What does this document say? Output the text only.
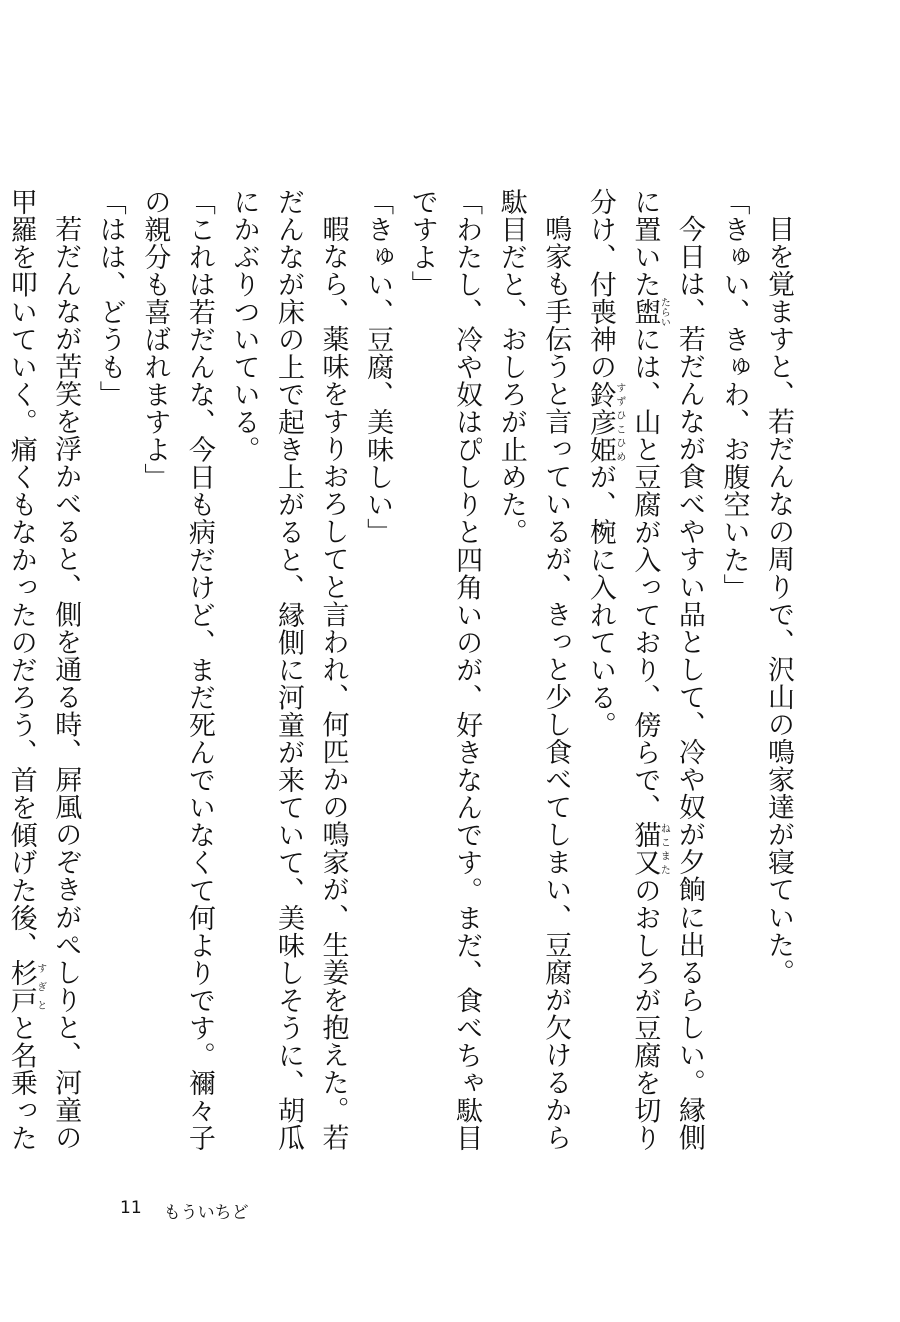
目を覚ますと、若だんなの周りで、沢山の鳴家達が寝ていた。

「きゅい、きゅわ、お腹空いた」

今日は、若だんなが食べやすい品として、冷や奴が夕餉に出るらしい。縁側に置いた盥たらいには、山と豆腐が入っており、傍らで、猫又ねこまたのおしろが豆腐を切り分け、付喪神の鈴彦姫すずひこひめが、椀に入れている。

鳴家も手伝うと言っているが、きっと少し食べてしまい、豆腐が欠けるから駄目だと、おしろが止めた。

「わたし、冷や奴はぴしりと四角いのが、好きなんです。まだ、食べちゃ駄目ですよ」

「きゅい、豆腐、美味しい」

暇なら、薬味をすりおろしてと言われ、何匹かの鳴家が、生姜を抱えた。若だんなが床の上で起き上がると、縁側に河童が来ていて、美味しそうに、胡瓜にかぶりついている。

「これは若だんな、今日も病だけど、まだ死んでいなくて何よりです。禰々子の親分も喜ばれますよ」

「はは、どうも」

若だんなが苦笑を浮かべると、側を通る時、屛風のぞきがぺしりと、河童の甲羅を叩いていく。痛くもなかったのだろう、首を傾げた後、杉戸すぎとと名乗った

11 もういちど
